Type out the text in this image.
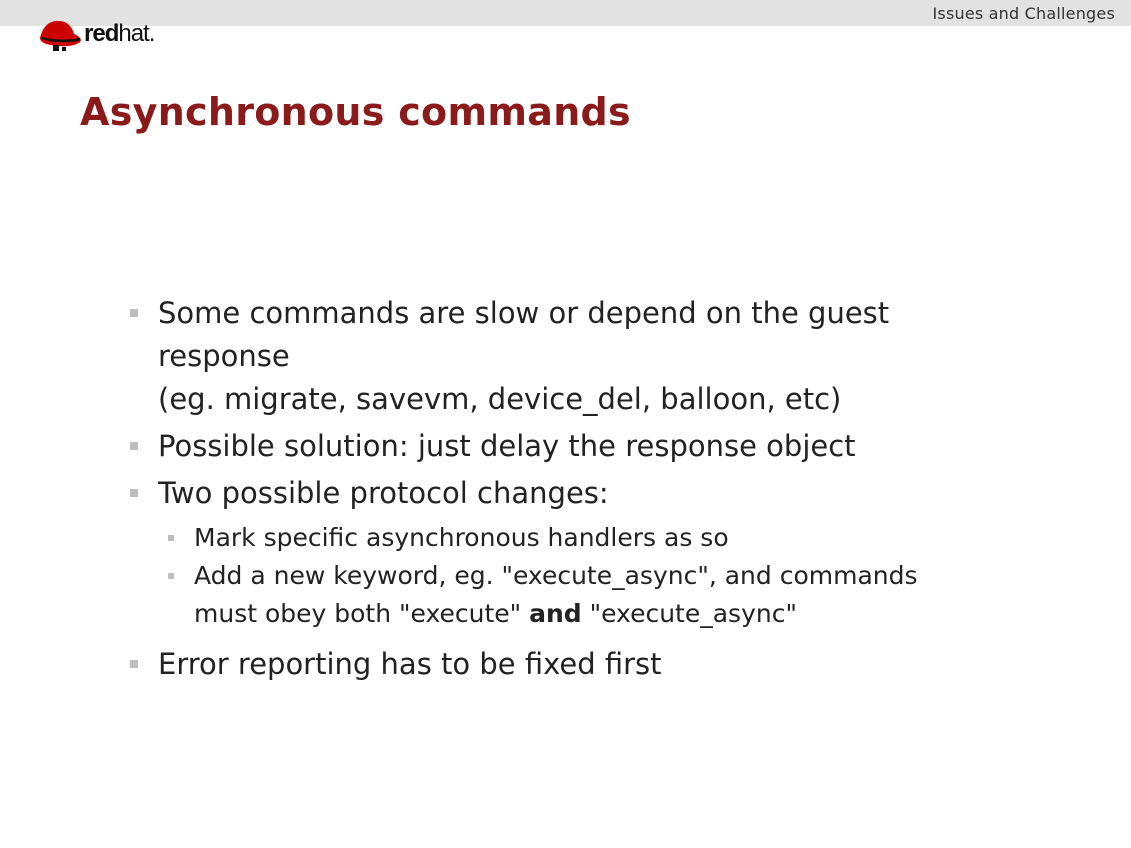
Issues and Challenges
redhat.
Asynchronous commands
Some commands are slow or depend on the guest response
(eg. migrate, savevm, device_del, balloon, etc)
Possible solution: just delay the response object
Two possible protocol changes:
Mark specific asynchronous handlers as so
Add a new keyword, eg. "execute_async", and commands
must obey both "execute" and "execute_async"
Error reporting has to be fixed first
